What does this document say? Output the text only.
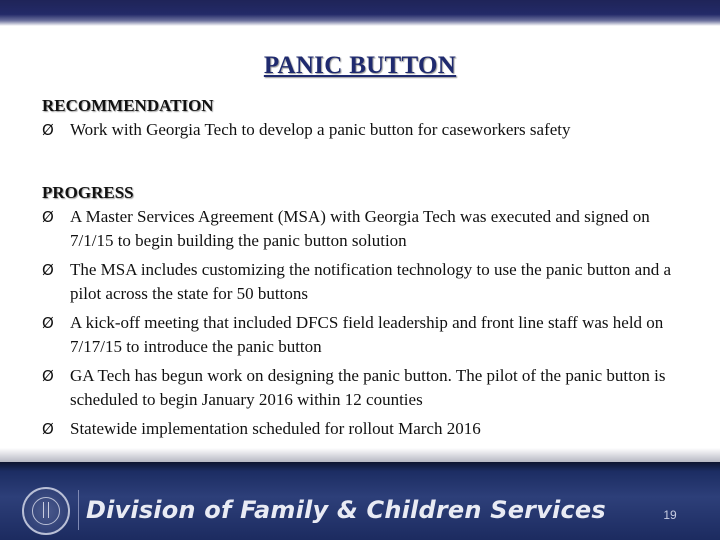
PANIC BUTTON

RECOMMENDATION

Ø Work with Georgia Tech to develop a panic button for caseworkers safety

PROGRESS

Ø A Master Services Agreement (MSA) with Georgia Tech was executed and signed on 7/1/15 to begin building the panic button solution
Ø The MSA includes customizing the notification technology to use the panic button and a pilot across the state for 50 buttons
Ø A kick-off meeting that included DFCS field leadership and front line staff was held on 7/17/15 to introduce the panic button
Ø GA Tech has begun work on designing the panic button. The pilot of the panic button is scheduled to begin January 2016 within 12 counties
Ø Statewide implementation scheduled for rollout March 2016
Division of Family & Children Services	19
